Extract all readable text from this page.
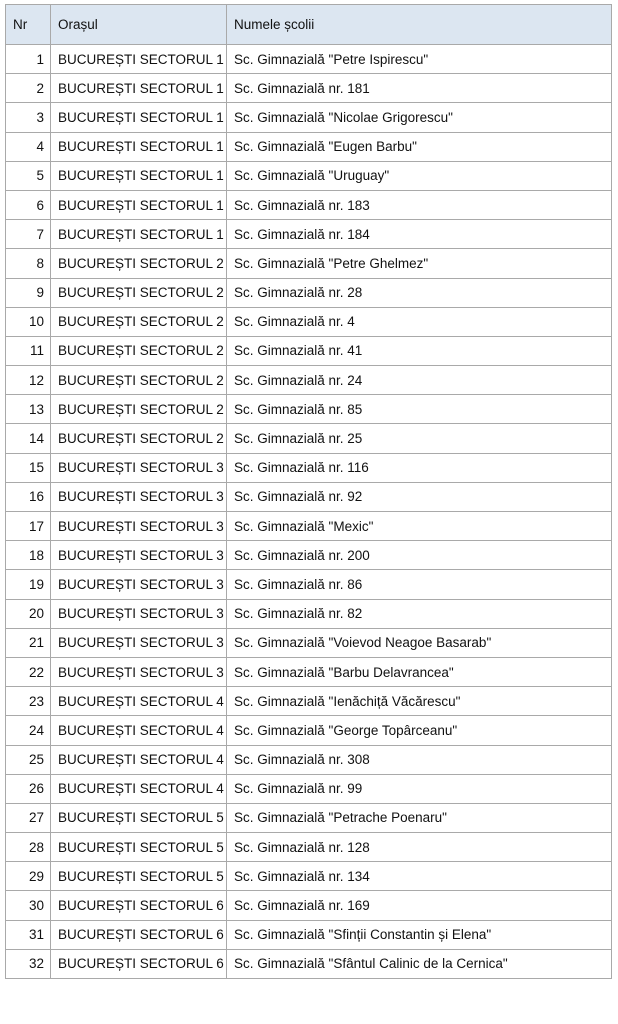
Nr	Orașul	Numele școlii
1	BUCUREȘTI SECTORUL 1	Sc. Gimnazială "Petre Ispirescu"
2	BUCUREȘTI SECTORUL 1	Sc. Gimnazială nr. 181
3	BUCUREȘTI SECTORUL 1	Sc. Gimnazială "Nicolae Grigorescu"
4	BUCUREȘTI SECTORUL 1	Sc. Gimnazială "Eugen Barbu"
5	BUCUREȘTI SECTORUL 1	Sc. Gimnazială "Uruguay"
6	BUCUREȘTI SECTORUL 1	Sc. Gimnazială nr. 183
7	BUCUREȘTI SECTORUL 1	Sc. Gimnazială nr. 184
8	BUCUREȘTI SECTORUL 2	Sc. Gimnazială "Petre Ghelmez"
9	BUCUREȘTI SECTORUL 2	Sc. Gimnazială nr. 28
10	BUCUREȘTI SECTORUL 2	Sc. Gimnazială nr. 4
11	BUCUREȘTI SECTORUL 2	Sc. Gimnazială nr. 41
12	BUCUREȘTI SECTORUL 2	Sc. Gimnazială nr. 24
13	BUCUREȘTI SECTORUL 2	Sc. Gimnazială nr. 85
14	BUCUREȘTI SECTORUL 2	Sc. Gimnazială nr. 25
15	BUCUREȘTI SECTORUL 3	Sc. Gimnazială nr. 116
16	BUCUREȘTI SECTORUL 3	Sc. Gimnazială nr. 92
17	BUCUREȘTI SECTORUL 3	Sc. Gimnazială "Mexic"
18	BUCUREȘTI SECTORUL 3	Sc. Gimnazială nr. 200
19	BUCUREȘTI SECTORUL 3	Sc. Gimnazială nr. 86
20	BUCUREȘTI SECTORUL 3	Sc. Gimnazială nr. 82
21	BUCUREȘTI SECTORUL 3	Sc. Gimnazială "Voievod Neagoe Basarab"
22	BUCUREȘTI SECTORUL 3	Sc. Gimnazială "Barbu Delavrancea"
23	BUCUREȘTI SECTORUL 4	Sc. Gimnazială "Ienăchiță Văcărescu"
24	BUCUREȘTI SECTORUL 4	Sc. Gimnazială "George Topârceanu"
25	BUCUREȘTI SECTORUL 4	Sc. Gimnazială nr. 308
26	BUCUREȘTI SECTORUL 4	Sc. Gimnazială nr. 99
27	BUCUREȘTI SECTORUL 5	Sc. Gimnazială "Petrache Poenaru"
28	BUCUREȘTI SECTORUL 5	Sc. Gimnazială nr. 128
29	BUCUREȘTI SECTORUL 5	Sc. Gimnazială nr. 134
30	BUCUREȘTI SECTORUL 6	Sc. Gimnazială nr. 169
31	BUCUREȘTI SECTORUL 6	Sc. Gimnazială "Sfinții Constantin și Elena"
32	BUCUREȘTI SECTORUL 6	Sc. Gimnazială "Sfântul Calinic de la Cernica"
